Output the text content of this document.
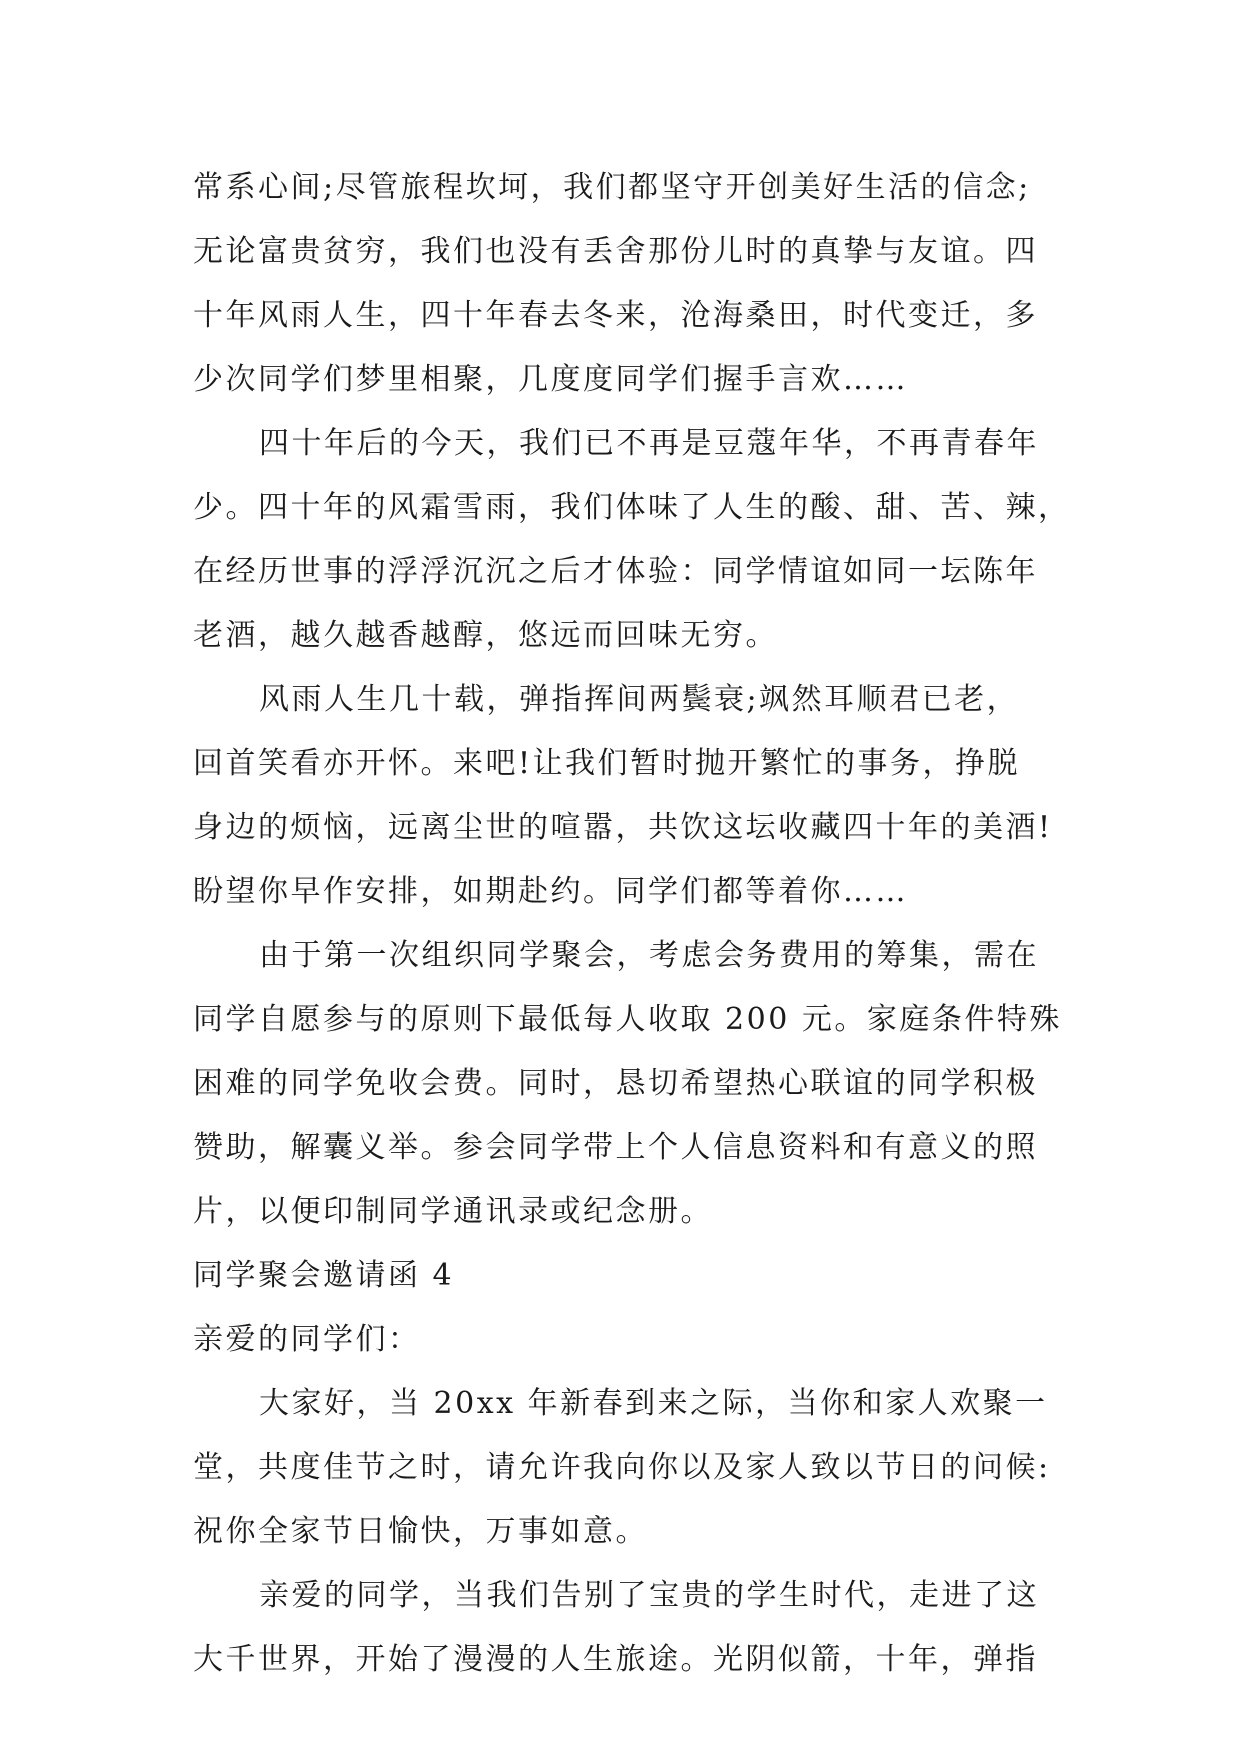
常系心间;尽管旅程坎坷，我们都坚守开创美好生活的信念;
无论富贵贫穷，我们也没有丢舍那份儿时的真挚与友谊。四
十年风雨人生，四十年春去冬来，沧海桑田，时代变迁，多
少次同学们梦里相聚，几度度同学们握手言欢……
四十年后的今天，我们已不再是豆蔻年华，不再青春年
少。四十年的风霜雪雨，我们体味了人生的酸、甜、苦、辣，
在经历世事的浮浮沉沉之后才体验：同学情谊如同一坛陈年
老酒，越久越香越醇，悠远而回味无穷。
风雨人生几十载，弹指挥间两鬓衰;飒然耳顺君已老，
回首笑看亦开怀。来吧!让我们暂时抛开繁忙的事务，挣脱
身边的烦恼，远离尘世的喧嚣，共饮这坛收藏四十年的美酒!
盼望你早作安排，如期赴约。同学们都等着你……
由于第一次组织同学聚会，考虑会务费用的筹集，需在
同学自愿参与的原则下最低每人收取 200 元。家庭条件特殊
困难的同学免收会费。同时，恳切希望热心联谊的同学积极
赞助，解囊义举。参会同学带上个人信息资料和有意义的照
片，以便印制同学通讯录或纪念册。
同学聚会邀请函 4
亲爱的同学们：
大家好，当 20xx 年新春到来之际，当你和家人欢聚一
堂，共度佳节之时，请允许我向你以及家人致以节日的问候:
祝你全家节日愉快，万事如意。
亲爱的同学，当我们告别了宝贵的学生时代，走进了这
大千世界，开始了漫漫的人生旅途。光阴似箭，十年，弹指
